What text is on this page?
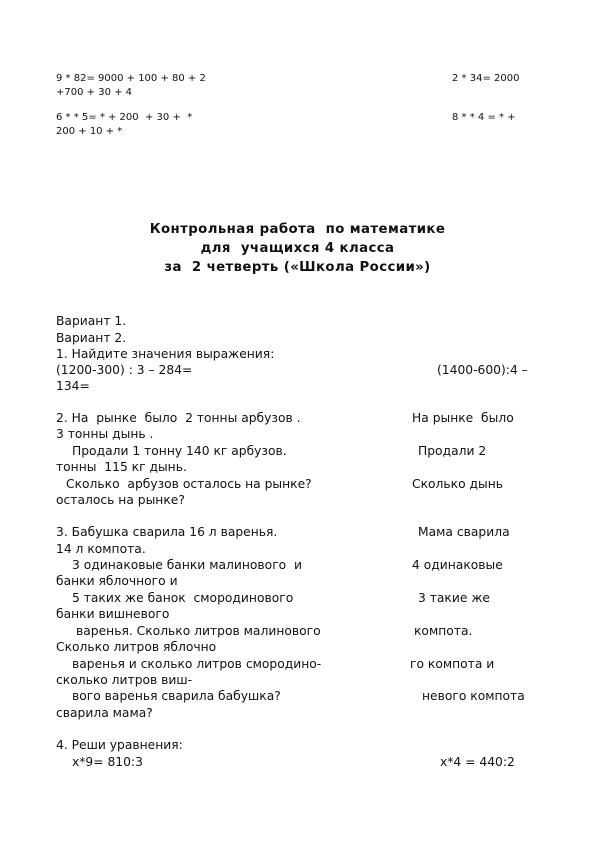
9 * 82= 9000 + 100 + 80 + 2	2 * 34= 2000
+700 + 30 + 4
6 * * 5= * + 200  + 30 +  *	8 * * 4 = * +
200 + 10 + *
Контрольная работа  по математике
для  учащихся 4 класса
за  2 четверть («Школа России»)
Вариант 1.
Вариант 2.
1. Найдите значения выражения:
(1200-300) : 3 – 284=	(1400-600):4 –
134=
2. На  рынке  было  2 тонны арбузов .	На рынке  было
3 тонны дынь .
Продали 1 тонну 140 кг арбузов.	Продали 2
тонны  115 кг дынь.
Сколько  арбузов осталось на рынке?	Сколько дынь
осталось на рынке?
3. Бабушка сварила 16 л варенья.	Мама сварила
14 л компота.
3 одинаковые банки малинового  и	4 одинаковые
банки яблочного и
5 таких же банок  смородинового	3 такие же
банки вишневого
варенья. Сколько литров малинового	компота.
Сколько литров яблочно
варенья и сколько литров смородино-	го компота и
сколько литров виш-
вого варенья сварила бабушка?	невого компота
сварила мама?
4. Реши уравнения:
x*9= 810:3	x*4 = 440:2
